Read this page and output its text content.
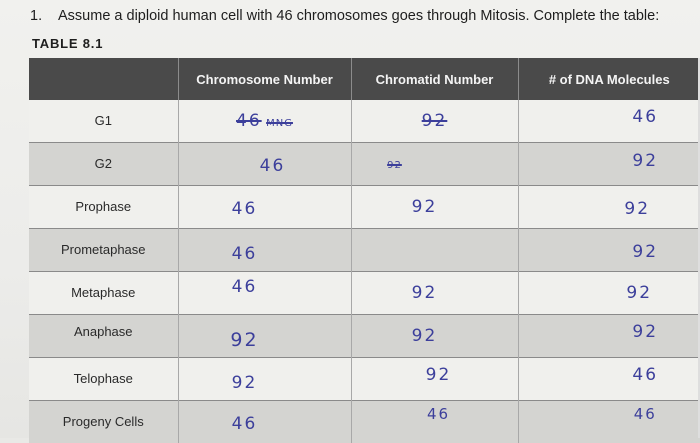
1. Assume a diploid human cell with 46 chromosomes goes through Mitosis. Complete the table:
TABLE 8.1
	Chromosome Number	Chromatid Number	# of DNA Molecules
G1	46 MNG	92	46
G2	46	92	92
Prophase	46	92	92
Prometaphase	46		92
Metaphase	46	92	92
$^{Anaphase}$	92	92	92
Telophase	92	92	46
Progeny Cells	46	46	46
